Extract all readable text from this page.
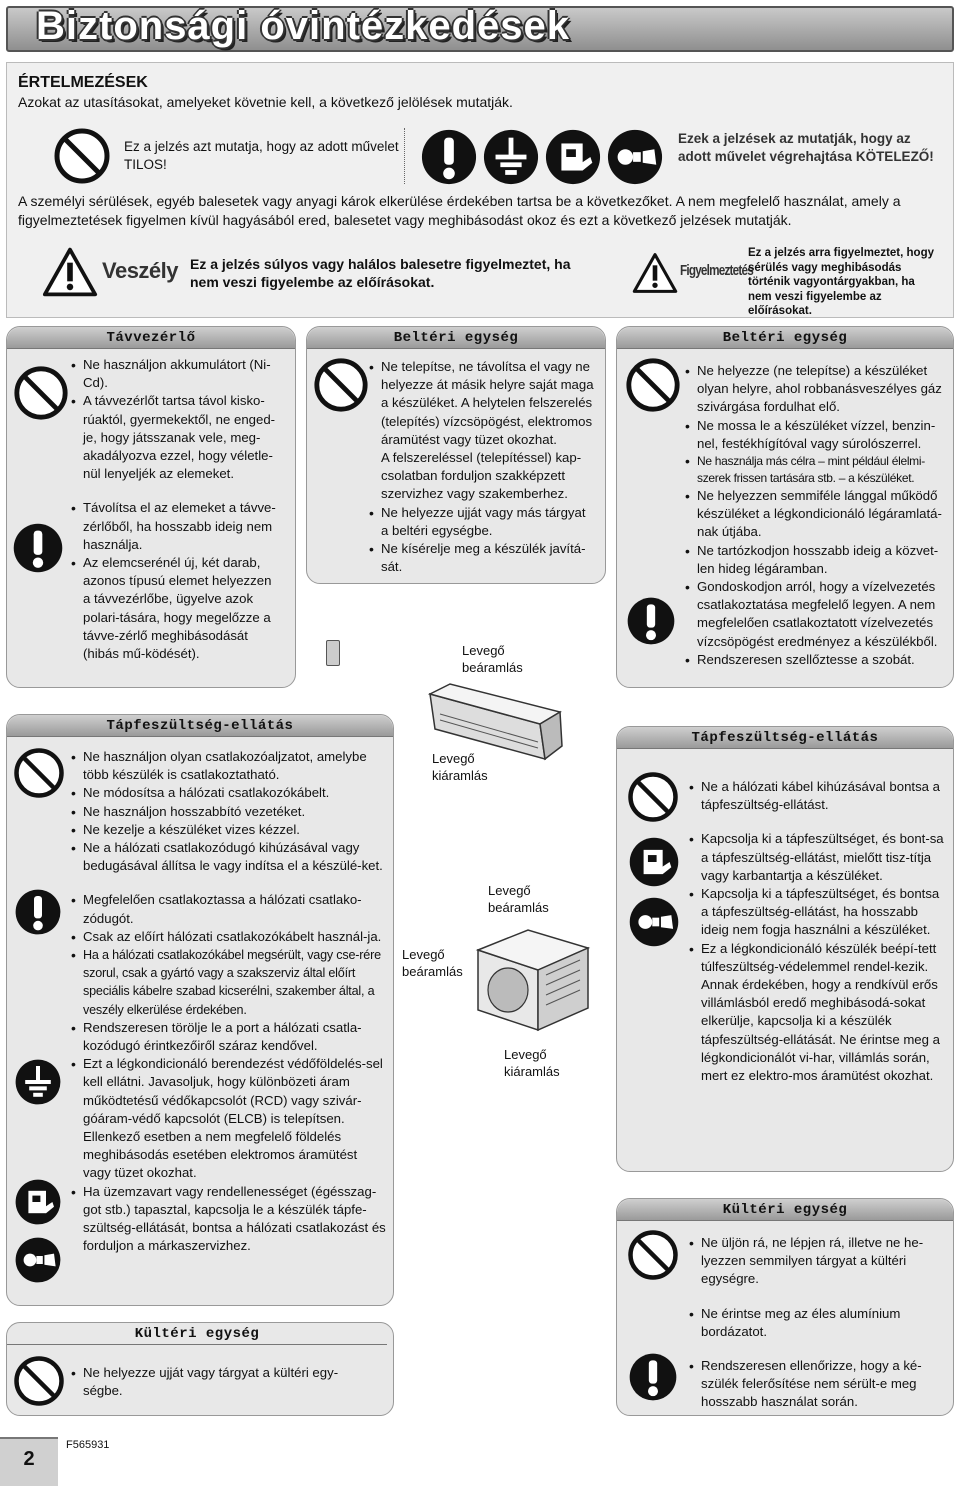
Biztonsági óvintézkedések
ÉRTELMEZÉSEK
Azokat az utasításokat, amelyeket követnie kell, a következő jelölések mutatják.
Ez a jelzés azt mutatja, hogy az adott művelet TILOS!
Ezek a jelzések az mutatják, hogy az adott művelet végrehajtása KÖTELEZŐ!
A személyi sérülések, egyéb balesetek vagy anyagi károk elkerülése érdekében tartsa be a következőket. A nem megfelelő használat, amely a figyelmeztetések figyelmen kívül hagyásából ered, balesetet vagy meghibásodást okoz és ezt a következő jelzések mutatják.
Veszély Ez a jelzés súlyos vagy halálos balesetre figyelmeztet, ha nem veszi figyelembe az előírásokat.
Figyelmeztetés
Ez a jelzés arra figyelmeztet, hogy sérülés vagy meghibásodás történik vagyontárgyakban, ha nem veszi figyelembe az előírásokat.
Távvezérlő
• Ne használjon akkumulátort (Ni-Cd).
• A távvezérlőt tartsa távol kisko-rúaktól, gyermekektől, ne enged-je, hogy játsszanak vele, meg-akadályozva ezzel, hogy véletle-nül lenyeljék az elemeket.
• Távolítsa el az elemeket a távve-zérlőből, ha hosszabb ideig nem használja.
• Az elemcserénél új, két darab, azonos típusú elemet helyezzen a távvezérlőbe, ügyelve azok polari-tására, hogy megelőzze a távve-zérlő meghibásodását (hibás mű-ködését).
Beltéri egység
• Ne telepítse, ne távolítsa el vagy ne helyezze át másik helyre saját maga a készüléket. A helytelen felszerelés (telepítés) vízcsöpögést, elektromos áramütést vagy tüzet okozhat.
A felszereléssel (telepítéssel) kap-csolatban forduljon szakképzett szervizhez vagy szakemberhez.
• Ne helyezze ujját vagy más tárgyat a beltéri egységbe.
• Ne kísérelje meg a készülék javítá-sát.
Beltéri egység
• Ne helyezze (ne telepítse) a készüléket olyan helyre, ahol robbanásveszélyes gáz szivárgása fordulhat elő.
• Ne mossa le a készüléket vízzel, benzin-nel, festékhígítóval vagy súrolószerrel.
• Ne használja más célra – mint például élelmi-szerek frissen tartására stb. – a készüléket.
• Ne helyezzen semmiféle lánggal működő készüléket a légkondicionáló légáramlatá-nak útjába.
• Ne tartózkodjon hosszabb ideig a közvet-len hideg légáramban.
• Gondoskodjon arról, hogy a vízelvezetés csatlakoztatása megfelelő legyen. A nem megfelelően csatlakoztatott vízelvezetés vízcsöpögést eredményez a készülékből.
• Rendszeresen szellőztesse a szobát.
Levegő beáramlás
Levegő kiáramlás
Tápfeszültség-ellátás
• Ne használjon olyan csatlakozóaljzatot, amelybe több készülék is csatlakoztatható.
• Ne módosítsa a hálózati csatlakozókábelt.
• Ne használjon hosszabbító vezetéket.
• Ne kezelje a készüléket vizes kézzel.
• Ne a hálózati csatlakozódugó kihúzásával vagy bedugásával állítsa le vagy indítsa el a készülé-ket.
• Megfelelően csatlakoztassa a hálózati csatlako-zódugót.
• Csak az előírt hálózati csatlakozókábelt használ-ja.
• Ha a hálózati csatlakozókábel megsérült, vagy cse-rére szorul, csak a gyártó vagy a szakszerviz által előírt speciális kábelre szabad kicserélni, szakember által, a veszély elkerülése érdekében.
• Rendszeresen törölje le a port a hálózati csatla-kozódugó érintkezőiről száraz kendővel.
• Ezt a légkondicionáló berendezést védőföldelés-sel kell ellátni. Javasoljuk, hogy különbözeti áram működtetésű védőkapcsolót (RCD) vagy szivár-góáram-védő kapcsolót (ELCB) is telepítsen. Ellenkező esetben a nem megfelelő földelés meghibásodás esetében elektromos áramütést vagy tüzet okozhat.
• Ha üzemzavart vagy rendellenességet (égésszag-got stb.) tapasztal, kapcsolja le a készülék tápfe-szültség-ellátását, bontsa a hálózati csatlakozást és forduljon a márkaszervizhez.
Kültéri egység
• Ne helyezze ujját vagy tárgyat a kültéri egy-ségbe.
Levegő beáramlás
Levegő beáramlás
Levegő kiáramlás
Tápfeszültség-ellátás
• Ne a hálózati kábel kihúzásával bontsa a tápfeszültség-ellátást.
• Kapcsolja ki a tápfeszültséget, és bont-sa a tápfeszültség-ellátást, mielőtt tisz-títja vagy karbantartja a készüléket.
• Kapcsolja ki a tápfeszültséget, és bontsa a tápfeszültség-ellátást, ha hosszabb ideig nem fogja használni a készüléket.
• Ez a légkondicionáló készülék beépí-tett túlfeszültség-védelemmel rendel-kezik.
Annak érdekében, hogy a rendkívül erős villámlásból eredő meghibásodá-sokat elkerülje, kapcsolja ki a készülék tápfeszültség-ellátását. Ne érintse meg a légkondicionálót vi-har, villámlás során, mert ez elektro-mos áramütést okozhat.
Kültéri egység
• Ne üljön rá, ne lépjen rá, illetve ne he-lyezzen semmilyen tárgyat a kültéri egységre.
• Ne érintse meg az éles alumínium bordázatot.
• Rendszeresen ellenőrizze, hogy a ké-szülék felerősítése nem sérült-e meg hosszabb használat során.
2
F565931
